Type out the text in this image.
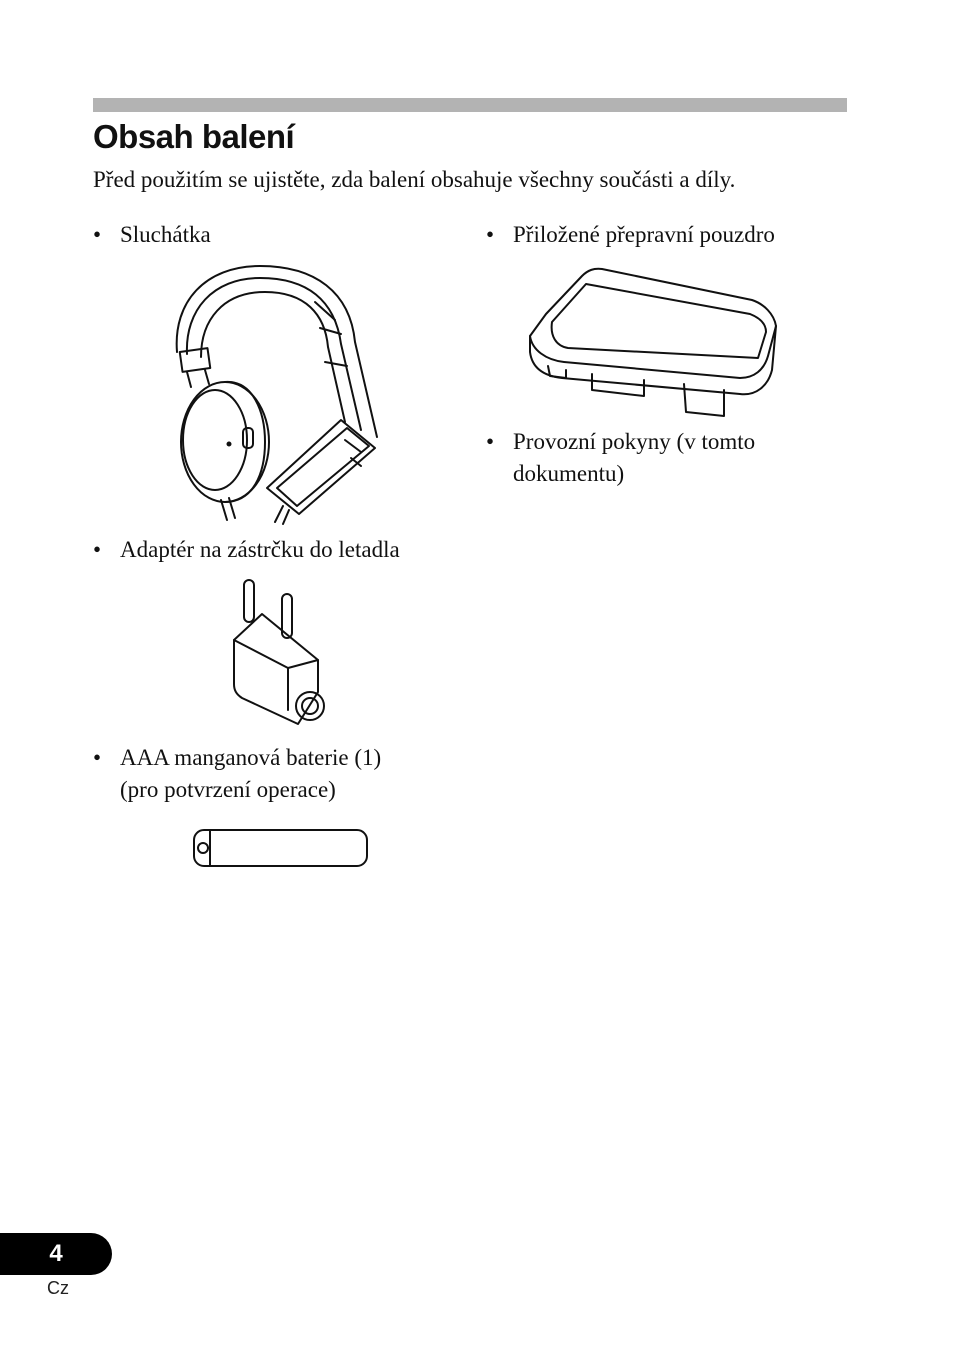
Obsah balení
Před použitím se ujistěte, zda balení obsahuje všechny součásti a díly.
• Sluchátka
• Adaptér na zástrčku do letadla
• AAA manganová baterie (1)
(pro potvrzení operace)
• Přiložené přepravní pouzdro
• Provozní pokyny (v tomto
dokumentu)
4
Cz
